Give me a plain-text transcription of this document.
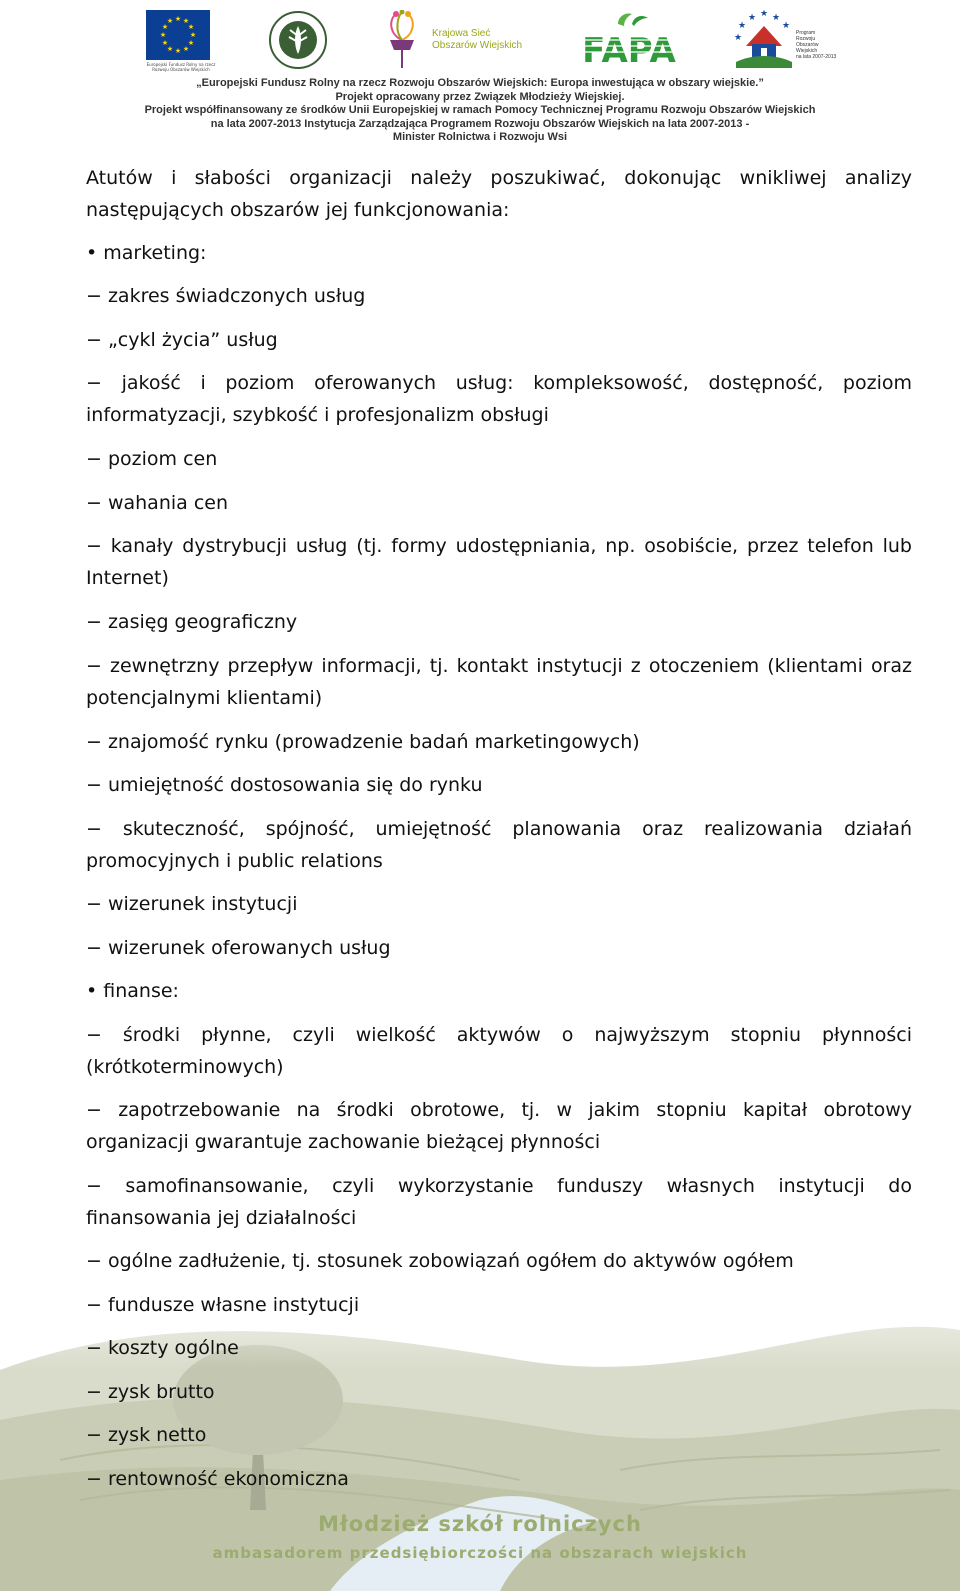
★ ★
★
★
★
★
★
★
★
★
★
★
Europejski Fundusz Rolny na rzecz Rozwoju Obszarów Wiejskich
Krajowa Sieć
Obszarów Wiejskich FAPA
★
★
★
★
★
★
Program
Rozwoju
Obszarów
Wiejskich
na lata 2007-2013
„Europejski Fundusz Rolny na rzecz Rozwoju Obszarów Wiejskich: Europa inwestująca w obszary wiejskie.”
Projekt opracowany przez Związek Młodzieży Wiejskiej.
Projekt współfinansowany ze środków Unii Europejskiej w ramach Pomocy Technicznej Programu Rozwoju Obszarów Wiejskich
na lata 2007-2013 Instytucja Zarządzająca Programem Rozwoju Obszarów Wiejskich na lata 2007-2013 -
Minister Rolnictwa i Rozwoju Wsi

Atutów i słabości organizacji należy poszukiwać, dokonując wnikliwej analizy następujących obszarów jej funkcjonowania:

• marketing:

− zakres świadczonych usług

− „cykl życia” usług

− jakość i poziom oferowanych usług: kompleksowość, dostępność, poziom informatyzacji, szybkość i profesjonalizm obsługi

− poziom cen

− wahania cen

− kanały dystrybucji usług (tj. formy udostępniania, np. osobiście, przez telefon lub Internet)

− zasięg geograficzny

− zewnętrzny przepływ informacji, tj. kontakt instytucji z otoczeniem (klientami oraz potencjalnymi klientami)

− znajomość rynku (prowadzenie badań marketingowych)

− umiejętność dostosowania się do rynku

− skuteczność, spójność, umiejętność planowania oraz realizowania działań promocyjnych i public relations

− wizerunek instytucji

− wizerunek oferowanych usług

• finanse:

− środki płynne, czyli wielkość aktywów o najwyższym stopniu płynności (krótkoterminowych)

− zapotrzebowanie na środki obrotowe, tj. w jakim stopniu kapitał obrotowy organizacji gwarantuje zachowanie bieżącej płynności

− samofinansowanie, czyli wykorzystanie funduszy własnych instytucji do finansowania jej działalności

− ogólne zadłużenie, tj. stosunek zobowiązań ogółem do aktywów ogółem

− fundusze własne instytucji

− koszty ogólne

− zysk brutto

− zysk netto

− rentowność ekonomiczna

Młodzież szkół rolniczych
ambasadorem przedsiębiorczości na obszarach wiejskich
